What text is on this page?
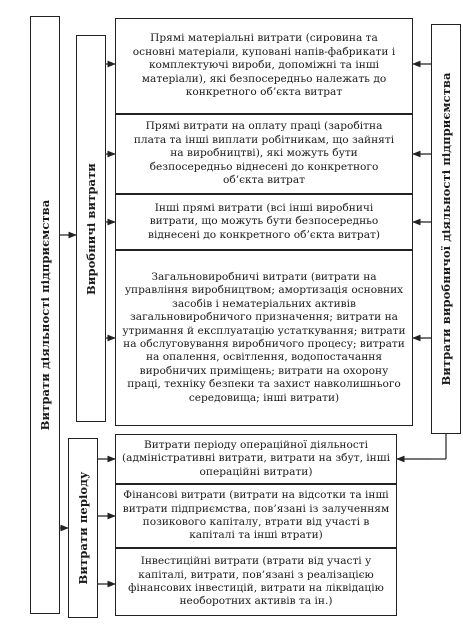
Витрати діяльності підприємства	Виробничі витрати
Витрати періоду
Витрати виробничої діяльності підприємства
Прямі матеріальні витрати (сировина та основні матеріали, куповані напів-фабрикати і комплектуючі вироби, допоміжні та інші матеріали), які безпосередньо належать до конкретного об’єкта витрат
Прямі витрати на оплату праці (заробітна плата та інші виплати робітникам, що зайняті на виробництві), які можуть бути безпосередньо віднесені до конкретного об’єкта витрат
Інші прямі витрати (всі інші виробничі витрати, що можуть бути безпосередньо віднесені до конкретного об’єкта витрат)
Загальновиробничі витрати (витрати на управління виробництвом; амортизація основних засобів і нематеріальних активів загальновиробничого призначення; витрати на утримання й експлуатацію устаткування; витрати на обслуговування виробничого процесу; витрати на опалення, освітлення, водопостачання виробничих приміщень; витрати на охорону праці, техніку безпеки та захист навколишнього середовища; інші витрати)
Витрати періоду операційної діяльності (адміністративні витрати, витрати на збут, інші операційні витрати)
Фінансові витрати (витрати на відсотки та інші витрати підприємства, пов’язані із залученням позикового капіталу, втрати від участі в капіталі та інші втрати)
Інвестиційні витрати (втрати від участі у капіталі, витрати, пов’язані з реалізацією фінансових інвестицій, витрати на ліквідацію необоротних активів та ін.)
